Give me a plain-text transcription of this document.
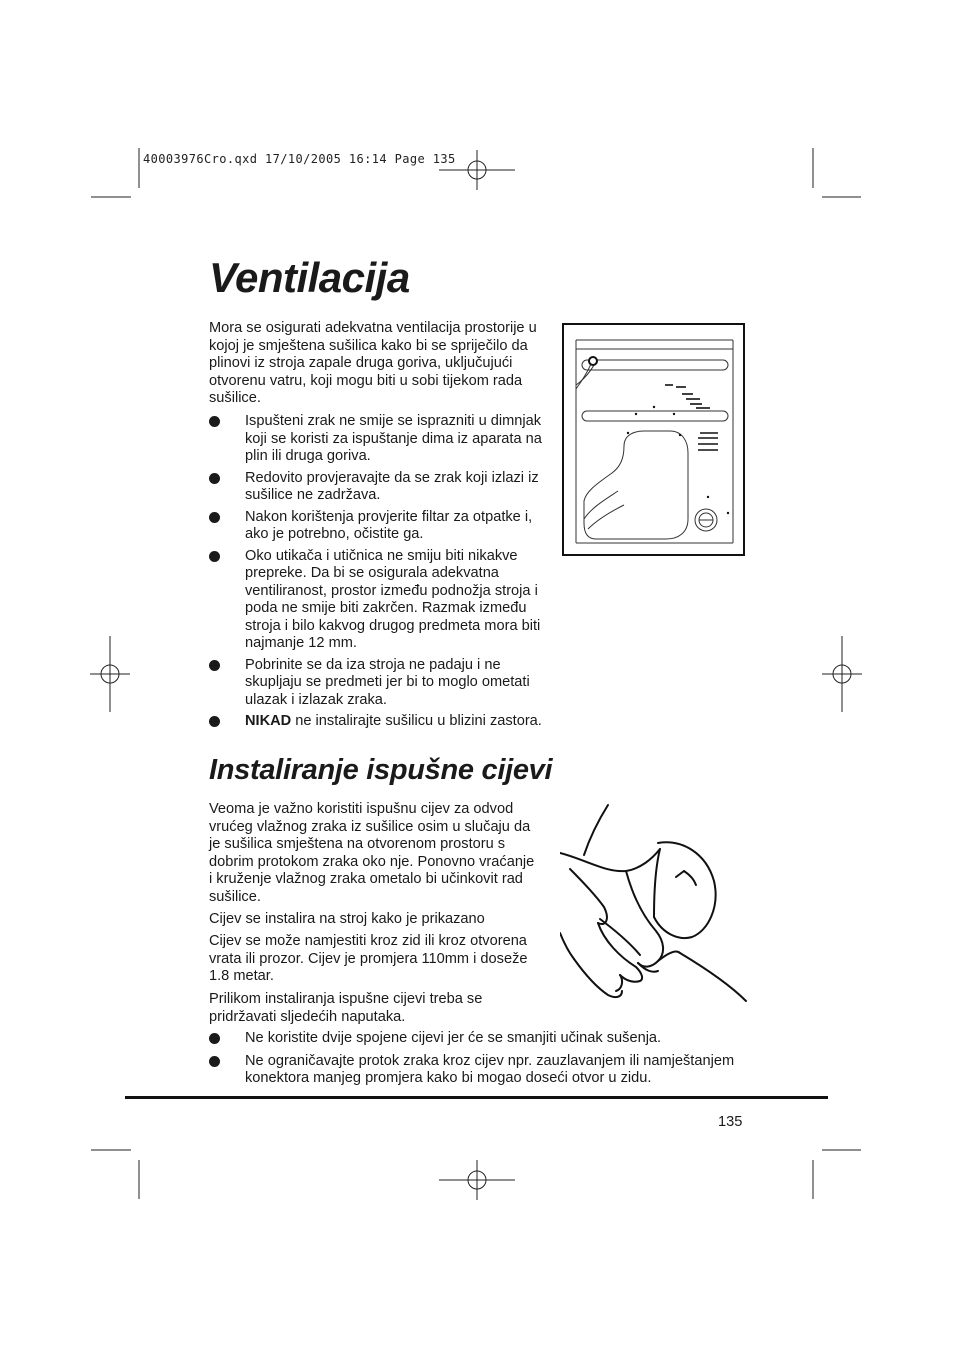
40003976Cro.qxd 17/10/2005 16:14 Page 135
Ventilacija

Mora se osigurati adekvatna ventilacija prostorije u kojoj je smještena sušilica kako bi se spriječilo da plinovi iz stroja zapale druga goriva, uključujući otvorenu vatru, koji mogu biti u sobi tijekom rada sušilice.

Ispušteni zrak ne smije se isprazniti u dimnjak koji se koristi za ispuštanje dima iz aparata na plin ili druga goriva.
Redovito provjeravajte da se zrak koji izlazi iz sušilice ne zadržava.
Nakon korištenja provjerite filtar za otpatke i, ako je potrebno, očistite ga.
Oko utikača i utičnica ne smiju biti nikakve prepreke. Da bi se osigurala adekvatna ventiliranost, prostor između podnožja stroja i poda ne smije biti zakrčen. Razmak između stroja i bilo kakvog drugog predmeta mora biti najmanje 12 mm.
Pobrinite se da iza stroja ne padaju i ne skupljaju se predmeti jer bi to moglo ometati ulazak i izlazak zraka.
NIKAD ne instalirajte sušilicu u blizini zastora.
Instaliranje ispušne cijevi

Veoma je važno koristiti ispušnu cijev za odvod vrućeg vlažnog zraka iz sušilice osim u slučaju da je sušilica smještena na otvorenom prostoru s dobrim protokom zraka oko nje. Ponovno vraćanje i kruženje vlažnog zraka ometalo bi učinkovit rad sušilice.

Cijev se instalira na stroj kako je prikazano

Cijev se može namjestiti kroz zid ili kroz otvorena vrata ili prozor. Cijev je promjera 110mm i doseže 1.8 metar.

Prilikom instaliranja ispušne cijevi treba se pridržavati sljedećih naputaka.

Ne koristite dvije spojene cijevi jer će se smanjiti učinak sušenja.
Ne ograničavajte protok zraka kroz cijev npr. zauzlavanjem ili namještanjem konektora manjeg promjera kako bi mogao doseći otvor u zidu.
135
